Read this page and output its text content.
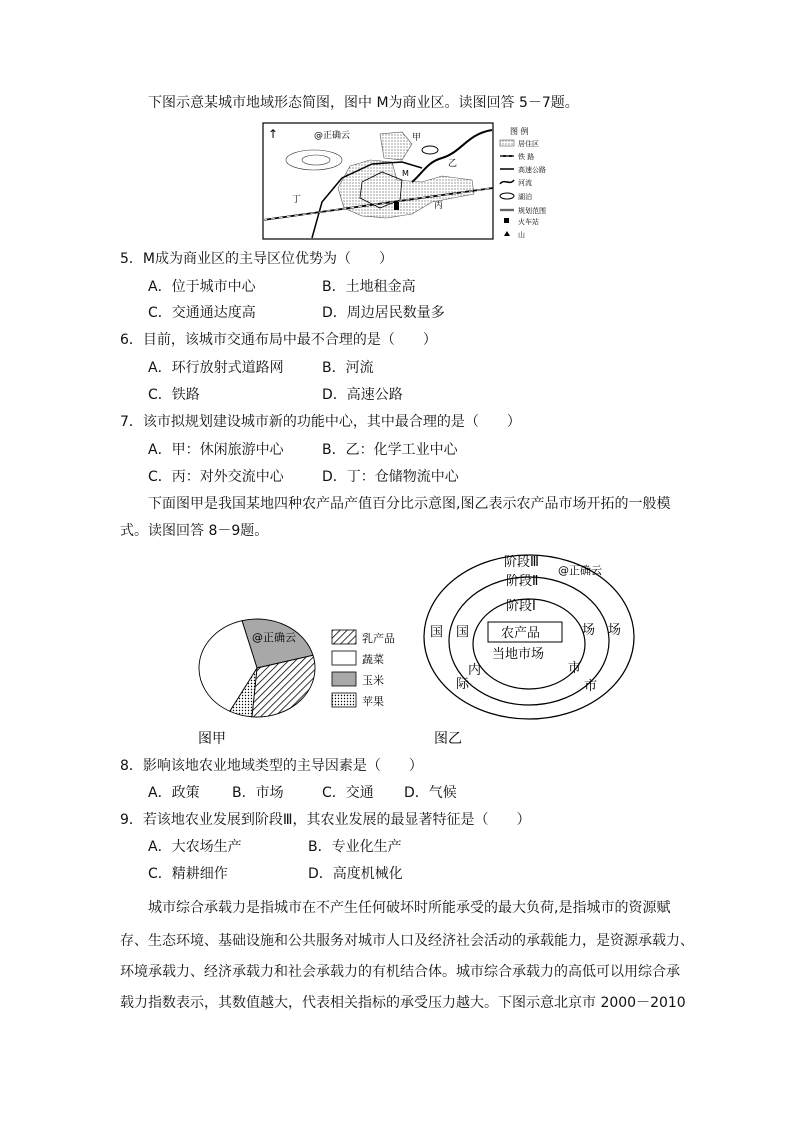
下图示意某城市地域形态简图，图中 M为商业区。读图回答 5－7题。
↑	@正确云	甲
乙
丙
丁
M
图 例
居住区
铁 路
高速公路
河流
湖泊
规划范围
火车站
山
5．M成为商业区的主导区位优势为（　　）
A．位于城市中心	B．土地租金高
C．交通通达度高	D．周边居民数量多
6．目前，该城市交通布局中最不合理的是（　　）
A．环行放射式道路网	B．河流
C．铁路	D．高速公路
7．该市拟规划建设城市新的功能中心，其中最合理的是（　　）
A．甲：休闲旅游中心	B．乙：化学工业中心
C．丙：对外交流中心	D．丁：仓储物流中心
下面图甲是我国某地四种农产品产值百分比示意图,图乙表示农产品市场开拓的一般模
式。读图回答 8－9题。
@正确云	乳产品
蔬菜
玉米
苹果
图甲
阶段Ⅲ
@正确云
阶段Ⅱ
阶段Ⅰ
农产品
当地市场
国
际
国
内
场
市
场
市
图乙
8．影响该地农业地域类型的主导因素是（　　）
A．政策 B．市场	C．交通 D．气候
9．若该地农业发展到阶段Ⅲ，其农业发展的最显著特征是（　　）
A．大农场生产	B．专业化生产
C．精耕细作	D．高度机械化
城市综合承载力是指城市在不产生任何破坏时所能承受的最大负荷,是指城市的资源赋
存、生态环境、基础设施和公共服务对城市人口及经济社会活动的承载能力，是资源承载力、
环境承载力、经济承载力和社会承载力的有机结合体。城市综合承载力的高低可以用综合承
载力指数表示，其数值越大，代表相关指标的承受压力越大。下图示意北京市 2000－2010
